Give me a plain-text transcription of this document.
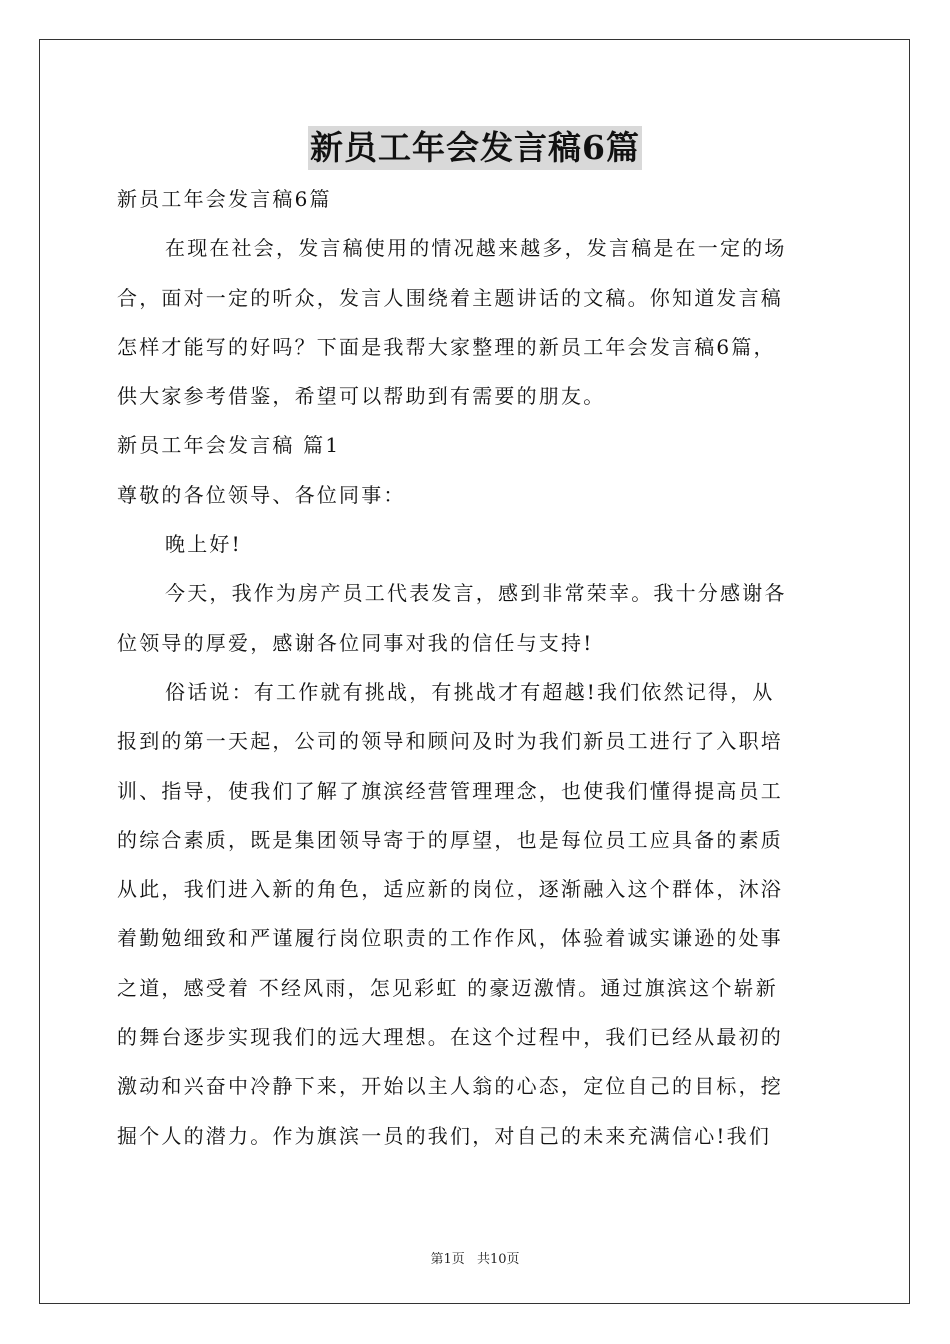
新员工年会发言稿6篇
新员工年会发言稿6篇
在现在社会，发言稿使用的情况越来越多，发言稿是在一定的场
合，面对一定的听众，发言人围绕着主题讲话的文稿。你知道发言稿
怎样才能写的好吗？下面是我帮大家整理的新员工年会发言稿6篇，
供大家参考借鉴，希望可以帮助到有需要的朋友。
新员工年会发言稿 篇1
尊敬的各位领导、各位同事：
晚上好!
今天，我作为房产员工代表发言，感到非常荣幸。我十分感谢各
位领导的厚爱，感谢各位同事对我的信任与支持!
俗话说：有工作就有挑战，有挑战才有超越!我们依然记得，从
报到的第一天起，公司的领导和顾问及时为我们新员工进行了入职培
训、指导，使我们了解了旗滨经营管理理念，也使我们懂得提高员工
的综合素质，既是集团领导寄于的厚望，也是每位员工应具备的素质
从此，我们进入新的角色，适应新的岗位，逐渐融入这个群体，沐浴
着勤勉细致和严谨履行岗位职责的工作作风，体验着诚实谦逊的处事
之道，感受着 不经风雨，怎见彩虹 的豪迈激情。通过旗滨这个崭新
的舞台逐步实现我们的远大理想。在这个过程中，我们已经从最初的
激动和兴奋中冷静下来，开始以主人翁的心态，定位自己的目标，挖
掘个人的潜力。作为旗滨一员的我们，对自己的未来充满信心!我们
第1页 共10页
